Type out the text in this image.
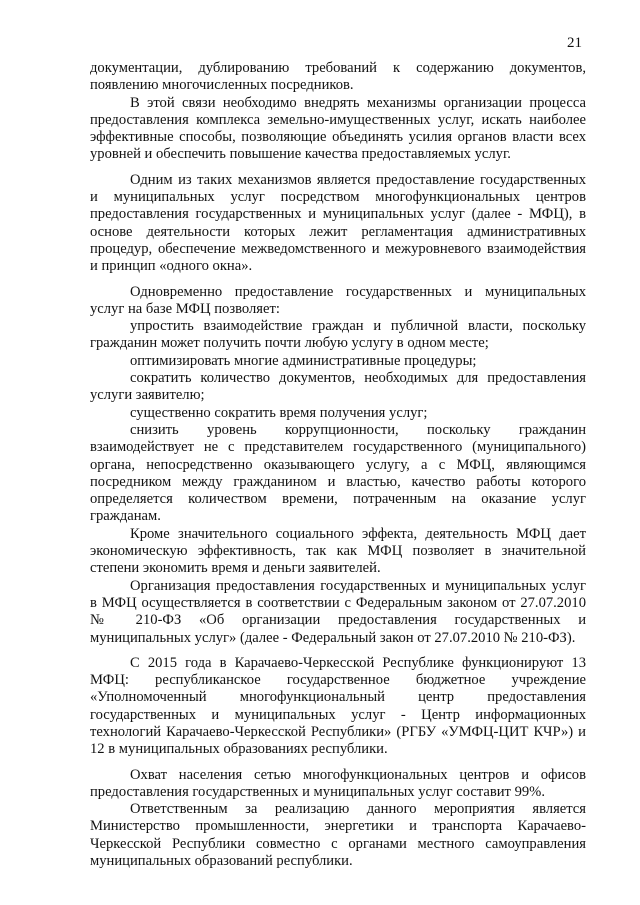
21

документации, дублированию требований к содержанию документов, появлению многочисленных посредников.

В этой связи необходимо внедрять механизмы организации процесса предоставления комплекса земельно-имущественных услуг, искать наиболее эффективные способы, позволяющие объединять усилия органов власти всех уровней и обеспечить повышение качества предоставляемых услуг.

Одним из таких механизмов является предоставление государственных и муниципальных услуг посредством многофункциональных центров предоставления государственных и муниципальных услуг (далее - МФЦ), в основе деятельности которых лежит регламентация административных процедур, обеспечение межведомственного и межуровневого взаимодействия и принцип «одного окна».

Одновременно предоставление государственных и муниципальных услуг на базе МФЦ позволяет:

упростить взаимодействие граждан и публичной власти, поскольку гражданин может получить почти любую услугу в одном месте;

оптимизировать многие административные процедуры;

сократить количество документов, необходимых для предоставления услуги заявителю;

существенно сократить время получения услуг;

снизить уровень коррупционности, поскольку гражданин взаимодействует не с представителем государственного (муниципального) органа, непосредственно оказывающего услугу, а с МФЦ, являющимся посредником между гражданином и властью, качество работы которого определяется количеством времени, потраченным на оказание услуг гражданам.

Кроме значительного социального эффекта, деятельность МФЦ дает экономическую эффективность, так как МФЦ позволяет в значительной степени экономить время и деньги заявителей.

Организация предоставления государственных и муниципальных услуг в МФЦ осуществляется в соответствии с Федеральным законом от 27.07.2010 № 210-ФЗ «Об организации предоставления государственных и муниципальных услуг» (далее - Федеральный закон от 27.07.2010 № 210-ФЗ).

С 2015 года в Карачаево-Черкесской Республике функционируют 13 МФЦ: республиканское государственное бюджетное учреждение «Уполномоченный многофункциональный центр предоставления государственных и муниципальных услуг - Центр информационных технологий Карачаево-Черкесской Республики» (РГБУ «УМФЦ-ЦИТ КЧР») и 12 в муниципальных образованиях республики.

Охват населения сетью многофункциональных центров и офисов предоставления государственных и муниципальных услуг составит 99%.

Ответственным за реализацию данного мероприятия является Министерство промышленности, энергетики и транспорта Карачаево-Черкесской Республики совместно с органами местного самоуправления муниципальных образований республики.
